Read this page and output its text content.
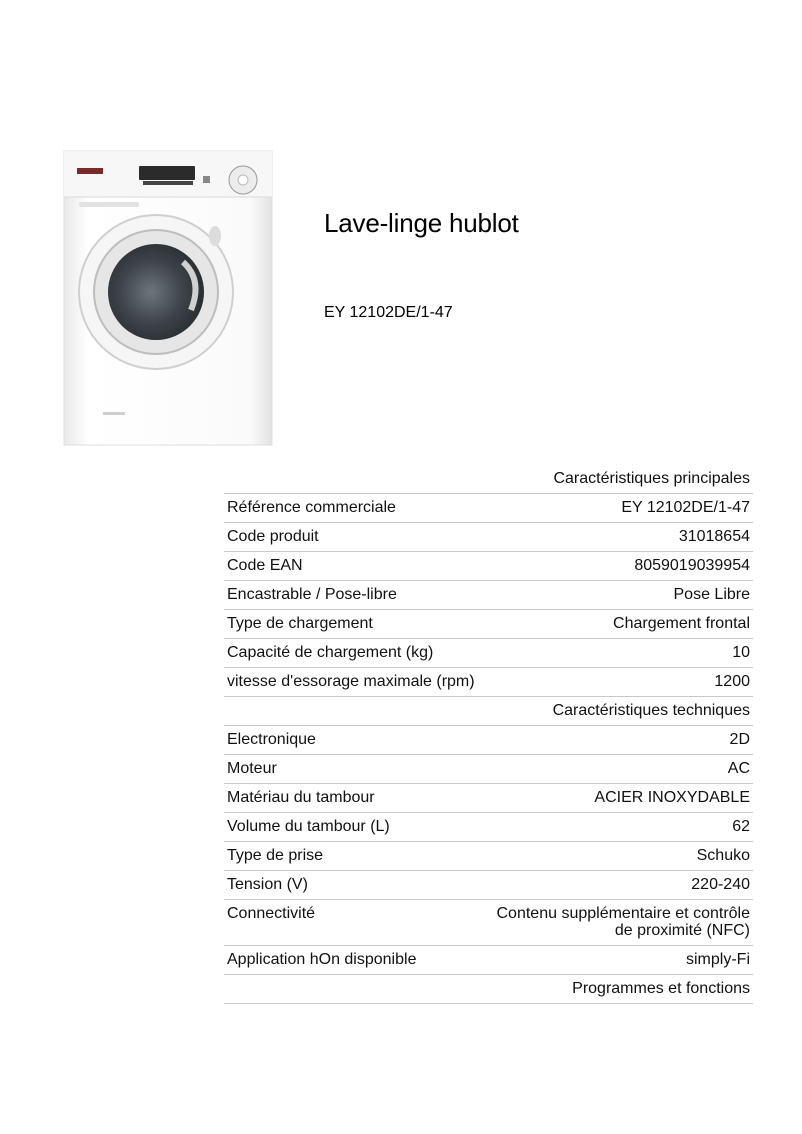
Lave-linge hublot
EY 12102DE/1-47
	Caractéristiques principales
Référence commerciale	EY 12102DE/1-47
Code produit	31018654
Code EAN	8059019039954
Encastrable / Pose-libre	Pose Libre
Type de chargement	Chargement frontal
Capacité de chargement (kg)	10
vitesse d'essorage maximale (rpm)	1200
	Caractéristiques techniques
Electronique	2D
Moteur	AC
Matériau du tambour	ACIER INOXYDABLE
Volume du tambour (L)	62
Type de prise	Schuko
Tension (V)	220-240
Connectivité	Contenu supplémentaire et contrôle
de proximité (NFC)

Application hOn disponible	simply-Fi
	Programmes et fonctions
